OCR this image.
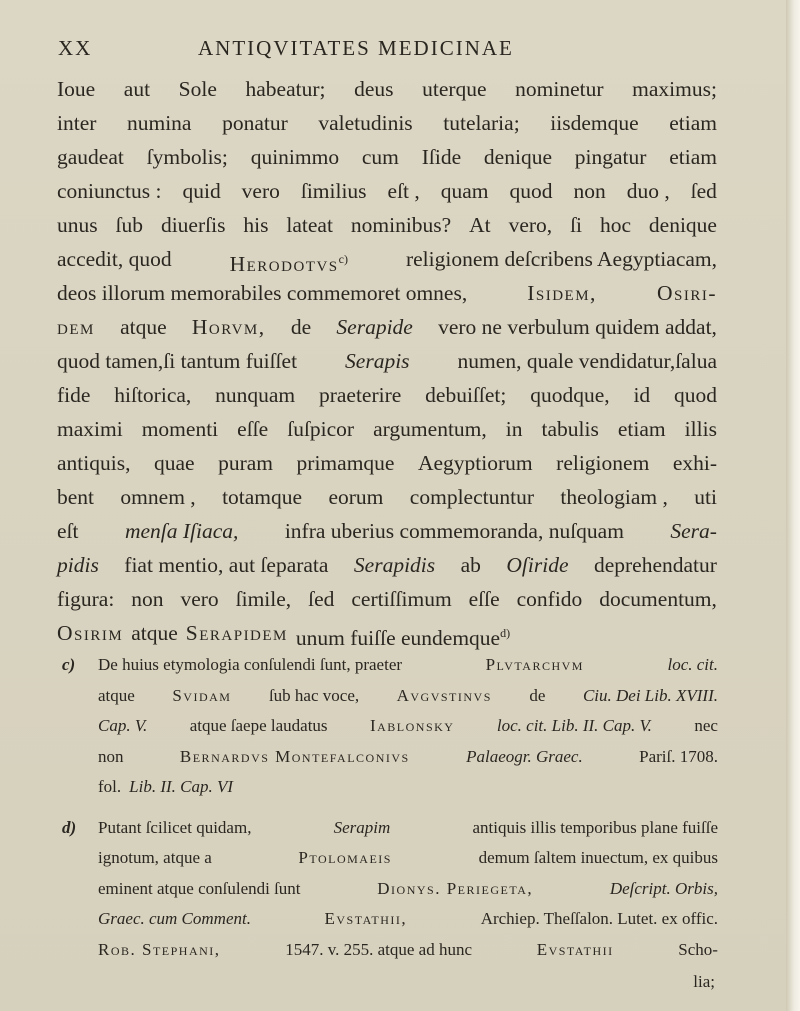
XX	ANTIQVITATES MEDICINAE
Ioue aut Sole habeatur; deus uterque nominetur maximus;
inter numina ponatur valetudinis tutelaria; iisdemque etiam
gaudeat ſymbolis; quinimmo cum Iſide denique pingatur etiam
coniunctus : quid vero ſimilius eſt , quam quod non duo , ſed
unus ſub diuerſis his lateat nominibus? At vero, ſi hoc denique
accedit, quod	Herodotvs$^{c)}$	religionem deſcribens Aegyptiacam,
deos illorum memorabiles commemoret omnes,	Isidem,	Osiri-
dem atque Horvm, de Serapide vero ne verbulum quidem addat,
quod tamen,ſi tantum fuiſſet Serapis numen, quale vendidatur,ſalua
fide hiſtorica, nunquam praeterire debuiſſet; quodque, id quod
maximi momenti eſſe ſuſpicor argumentum, in tabulis etiam illis
antiquis, quae puram primamque Aegyptiorum religionem exhi-
bent omnem , totamque eorum complectuntur theologiam , uti
eſt menſa Iſiaca, infra uberius commemoranda, nuſquam Sera-
pidis fiat mentio, aut ſeparata Serapidis ab Oſiride deprehendatur
figura: non vero ſimile, ſed certiſſimum eſſe confido documentum,
Osirim atque Serapidem unum fuiſſe eundemque$^{d)}$
c) De huius etymologia conſulendi ſunt, praeter	Plvtarchvm	loc. cit.
atque Svidam ſub hac voce, Avgvstinvs de Ciu. Dei Lib. XVIII.
Cap. V. atque ſaepe laudatus Iablonsky loc. cit. Lib. II. Cap. V. nec
non	Bernardvs Montefalconivs	Palaeogr. Graec.	Pariſ. 1708.
fol. Lib. II. Cap. VI
d) Putant ſcilicet quidam,	Serapim	antiquis illis temporibus plane fuiſſe
ignotum, atque a	Ptolomaeis	demum ſaltem inuectum, ex quibus
eminent atque conſulendi ſunt	Dionys. Periegeta,	Deſcript. Orbis,
Graec. cum Comment.	Evstathii,	Archiep. Theſſalon. Lutet. ex offic.
Rob. Stephani,	1547. v. 255. atque ad hunc	Evstathii	Scho-
lia;
